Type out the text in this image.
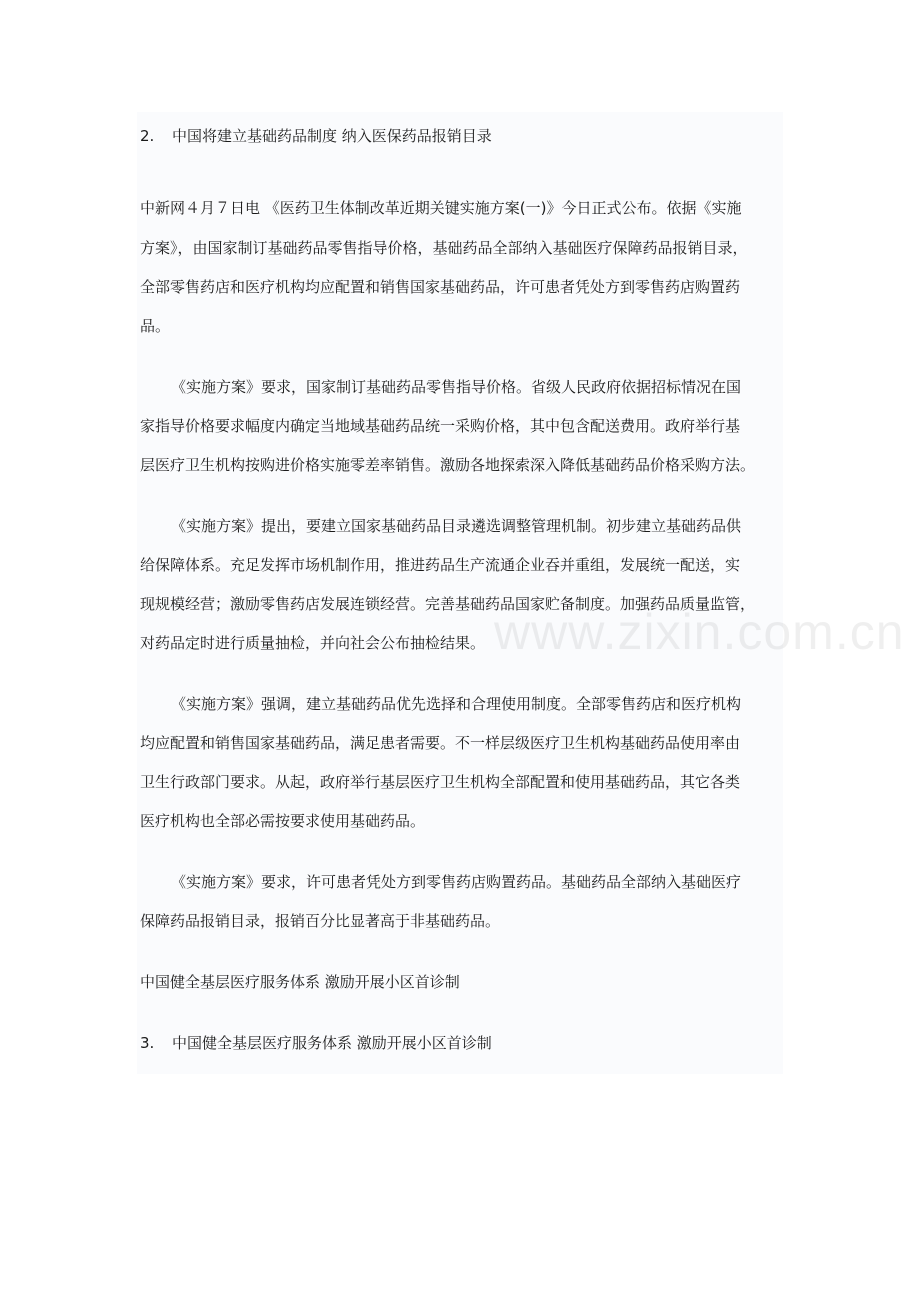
2. 中国将建立基础药品制度 纳入医保药品报销目录
中新网４月７日电 《医药卫生体制改革近期关键实施方案(一)》今日正式公布。依据《实施
方案》，由国家制订基础药品零售指导价格，基础药品全部纳入基础医疗保障药品报销目录，
全部零售药店和医疗机构均应配置和销售国家基础药品，许可患者凭处方到零售药店购置药
品。
《实施方案》要求，国家制订基础药品零售指导价格。省级人民政府依据招标情况在国
家指导价格要求幅度内确定当地域基础药品统一采购价格，其中包含配送费用。政府举行基
层医疗卫生机构按购进价格实施零差率销售。激励各地探索深入降低基础药品价格采购方法。
《实施方案》提出，要建立国家基础药品目录遴选调整管理机制。初步建立基础药品供
给保障体系。充足发挥市场机制作用，推进药品生产流通企业吞并重组，发展统一配送，实
现规模经营；激励零售药店发展连锁经营。完善基础药品国家贮备制度。加强药品质量监管，
对药品定时进行质量抽检，并向社会公布抽检结果。
《实施方案》强调，建立基础药品优先选择和合理使用制度。全部零售药店和医疗机构
均应配置和销售国家基础药品，满足患者需要。不一样层级医疗卫生机构基础药品使用率由
卫生行政部门要求。从起，政府举行基层医疗卫生机构全部配置和使用基础药品，其它各类
医疗机构也全部必需按要求使用基础药品。
《实施方案》要求，许可患者凭处方到零售药店购置药品。基础药品全部纳入基础医疗
保障药品报销目录，报销百分比显著高于非基础药品。
中国健全基层医疗服务体系 激励开展小区首诊制
3. 中国健全基层医疗服务体系 激励开展小区首诊制
www.zixin.com.cn
